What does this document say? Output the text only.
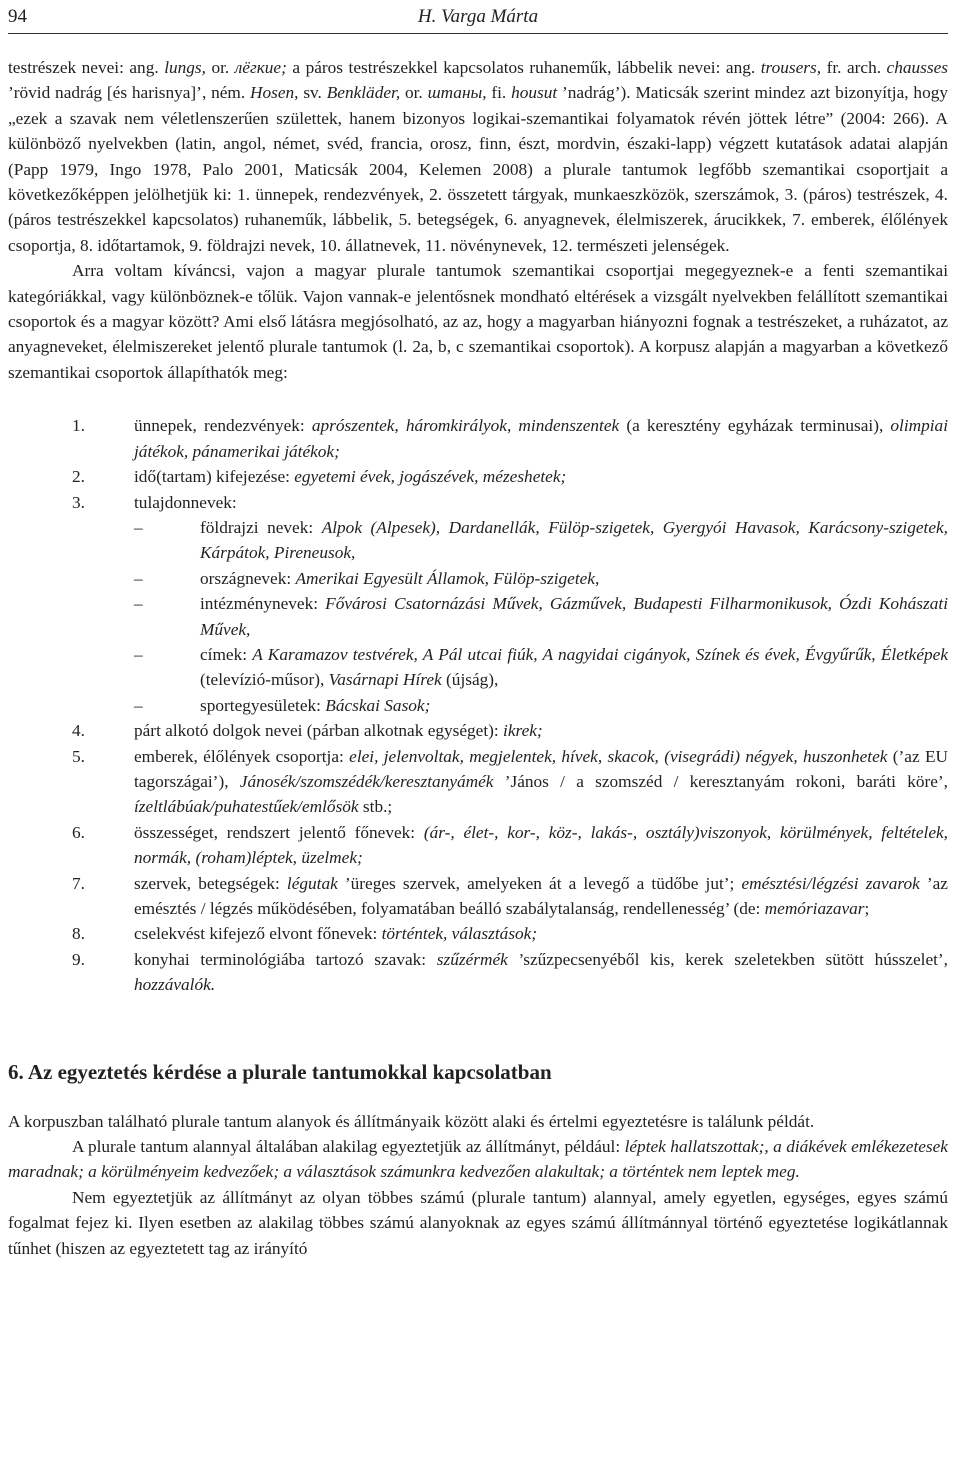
94	H. Varga Márta

testrészek nevei: ang. lungs, or. лёгкие; a páros testrészekkel kapcsolatos ruhaneműk, lábbelik nevei: ang. trousers, fr. arch. chausses ’rövid nadrág [és harisnya]’, ném. Hosen, sv. Benkläder, or. штаны, fi. housut ’nadrág’). Maticsák szerint mindez azt bizonyítja, hogy „ezek a szavak nem véletlenszerűen születtek, hanem bizonyos logikai-szemantikai folyamatok révén jöttek létre” (2004: 266). A különböző nyelvekben (latin, angol, német, svéd, francia, orosz, finn, észt, mordvin, északi-lapp) végzett kutatások adatai alapján (Papp 1979, Ingo 1978, Palo 2001, Maticsák 2004, Kelemen 2008) a plurale tantumok legfőbb szemantikai csoportjait a következőképpen jelölhetjük ki: 1. ünnepek, rendezvények, 2. összetett tárgyak, munkaeszközök, szerszámok, 3. (páros) testrészek, 4. (páros testrészekkel kapcsolatos) ruhaneműk, lábbelik, 5. betegségek, 6. anyagnevek, élelmiszerek, árucikkek, 7. emberek, élőlények csoportja, 8. időtartamok, 9. földrajzi nevek, 10. állatnevek, 11. növénynevek, 12. természeti jelenségek.

Arra voltam kíváncsi, vajon a magyar plurale tantumok szemantikai csoportjai megegyeznek-e a fenti szemantikai kategóriákkal, vagy különböznek-e tőlük. Vajon vannak-e jelentősnek mondható eltérések a vizsgált nyelvekben felállított szemantikai csoportok és a magyar között? Ami első látásra megjósolható, az az, hogy a magyarban hiányozni fognak a testrészeket, a ruházatot, az anyagneveket, élelmiszereket jelentő plurale tantumok (l. 2a, b, c szemantikai csoportok). A korpusz alapján a magyarban a következő szemantikai csoportok állapíthatók meg:

1.	ünnepek, rendezvények: aprószentek, háromkirályok, mindenszentek (a keresztény egyházak terminusai), olimpiai játékok, pánamerikai játékok;
2.	idő(tartam) kifejezése: egyetemi évek, jogászévek, mézeshetek;
3.	tulajdonnevek:
–	földrajzi nevek: Alpok (Alpesek), Dardanellák, Fülöp-szigetek, Gyergyói Havasok, Karácsony-szigetek, Kárpátok, Pireneusok,
–	országnevek: Amerikai Egyesült Államok, Fülöp-szigetek,
–	intézménynevek: Fővárosi Csatornázási Művek, Gázművek, Budapesti Filharmonikusok, Ózdi Kohászati Művek,
–	címek: A Karamazov testvérek, A Pál utcai fiúk, A nagyidai cigányok, Színek és évek, Évgyűrűk, Életképek (televízió-műsor), Vasárnapi Hírek (újság),
–	sportegyesületek: Bácskai Sasok;
4.	párt alkotó dolgok nevei (párban alkotnak egységet): ikrek;
5.	emberek, élőlények csoportja: elei, jelenvoltak, megjelentek, hívek, skacok, (visegrádi) négyek, huszonhetek (’az EU tagországai’), Jánosék/szomszédék/keresztanyámék ’János / a szomszéd / keresztanyám rokoni, baráti köre’, ízeltlábúak/puhatestűek/emlősök stb.;
6.	összességet, rendszert jelentő főnevek: (ár-, élet-, kor-, köz-, lakás-, osztály)viszonyok, körülmények, feltételek, normák, (roham)léptek, üzelmek;
7.	szervek, betegségek: légutak ’üreges szervek, amelyeken át a levegő a tüdőbe jut’; emésztési/légzési zavarok ’az emésztés / légzés működésében, folyamatában beálló szabálytalanság, rendellenesség’ (de: memóriazavar;
8.	cselekvést kifejező elvont főnevek: történtek, választások;
9.	konyhai terminológiába tartozó szavak: szűzérmék ’szűzpecsenyéből kis, kerek szeletekben sütött hússzelet’, hozzávalók.
6. Az egyeztetés kérdése a plurale tantumokkal kapcsolatban

A korpuszban található plurale tantum alanyok és állítmányaik között alaki és értelmi egyeztetésre is találunk példát.

A plurale tantum alannyal általában alakilag egyeztetjük az állítmányt, például: léptek hallatszottak;, a diákévek emlékezetesek maradnak; a körülményeim kedvezőek; a választások számunkra kedvezően alakultak; a történtek nem leptek meg.

Nem egyeztetjük az állítmányt az olyan többes számú (plurale tantum) alannyal, amely egyetlen, egységes, egyes számú fogalmat fejez ki. Ilyen esetben az alakilag többes számú alanyoknak az egyes számú állítmánnyal történő egyeztetése logikátlannak tűnhet (hiszen az egyeztetett tag az irányító
